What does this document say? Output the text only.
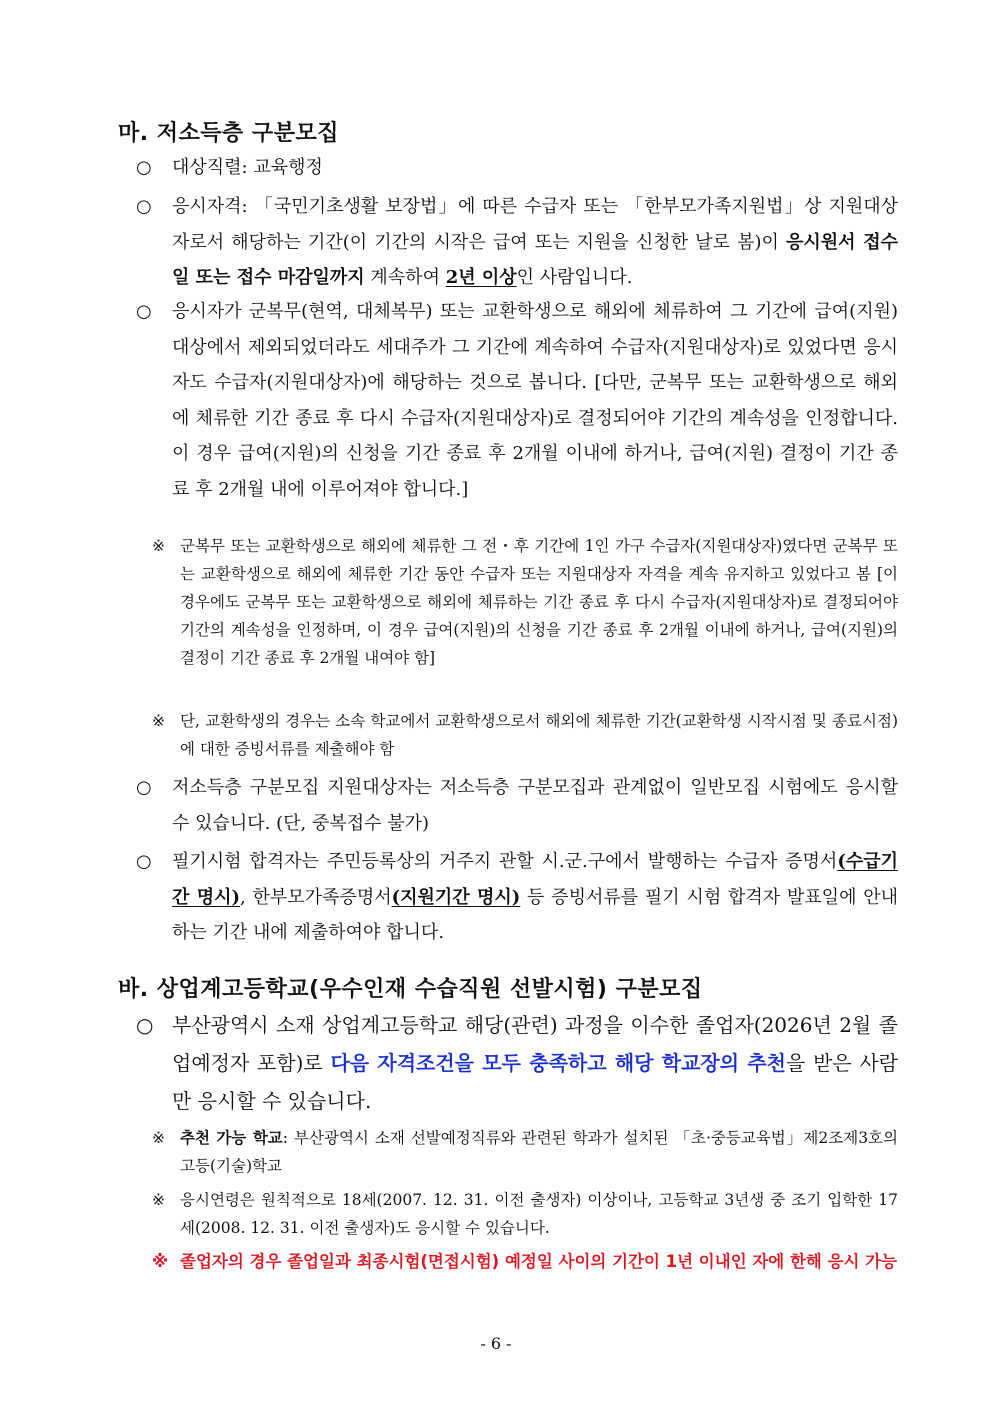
마. 저소득층 구분모집
○ 대상직렬: 교육행정
○ 응시자격: 「국민기초생활 보장법」에 따른 수급자 또는 「한부모가족지원법」상 지원대상자로서 해당하는 기간(이 기간의 시작은 급여 또는 지원을 신청한 날로 봄)이 응시원서 접수일 또는 접수 마감일까지 계속하여 2년 이상인 사람입니다.
○ 응시자가 군복무(현역, 대체복무) 또는 교환학생으로 해외에 체류하여 그 기간에 급여(지원) 대상에서 제외되었더라도 세대주가 그 기간에 계속하여 수급자(지원대상자)로 있었다면 응시자도 수급자(지원대상자)에 해당하는 것으로 봅니다. [다만, 군복무 또는 교환학생으로 해외에 체류한 기간 종료 후 다시 수급자(지원대상자)로 결정되어야 기간의 계속성을 인정합니다. 이 경우 급여(지원)의 신청을 기간 종료 후 2개월 이내에 하거나, 급여(지원) 결정이 기간 종료 후 2개월 내에 이루어져야 합니다.]
※ 군복무 또는 교환학생으로 해외에 체류한 그 전・후 기간에 1인 가구 수급자(지원대상자)였다면 군복무 또는 교환학생으로 해외에 체류한 기간 동안 수급자 또는 지원대상자 자격을 계속 유지하고 있었다고 봄 [이 경우에도 군복무 또는 교환학생으로 해외에 체류하는 기간 종료 후 다시 수급자(지원대상자)로 결정되어야 기간의 계속성을 인정하며, 이 경우 급여(지원)의 신청을 기간 종료 후 2개월 이내에 하거나, 급여(지원)의 결정이 기간 종료 후 2개월 내여야 함]
※ 단, 교환학생의 경우는 소속 학교에서 교환학생으로서 해외에 체류한 기간(교환학생 시작시점 및 종료시점)에 대한 증빙서류를 제출해야 함
○ 저소득층 구분모집 지원대상자는 저소득층 구분모집과 관계없이 일반모집 시험에도 응시할 수 있습니다. (단, 중복접수 불가)
○ 필기시험 합격자는 주민등록상의 거주지 관할 시.군.구에서 발행하는 수급자 증명서(수급기간 명시), 한부모가족증명서(지원기간 명시) 등 증빙서류를 필기 시험 합격자 발표일에 안내하는 기간 내에 제출하여야 합니다.
바. 상업계고등학교(우수인재 수습직원 선발시험) 구분모집
○ 부산광역시 소재 상업계고등학교 해당(관련) 과정을 이수한 졸업자(2026년 2월 졸업예정자 포함)로 다음 자격조건을 모두 충족하고 해당 학교장의 추천을 받은 사람만 응시할 수 있습니다.
※ 추천 가능 학교: 부산광역시 소재 선발예정직류와 관련된 학과가 설치된 「초·중등교육법」제2조제3호의 고등(기술)학교
※ 응시연령은 원칙적으로 18세(2007. 12. 31. 이전 출생자) 이상이나, 고등학교 3년생 중 조기 입학한 17세(2008. 12. 31. 이전 출생자)도 응시할 수 있습니다.
※ 졸업자의 경우 졸업일과 최종시험(면접시험) 예정일 사이의 기간이 1년 이내인 자에 한해 응시 가능
- 6 -
